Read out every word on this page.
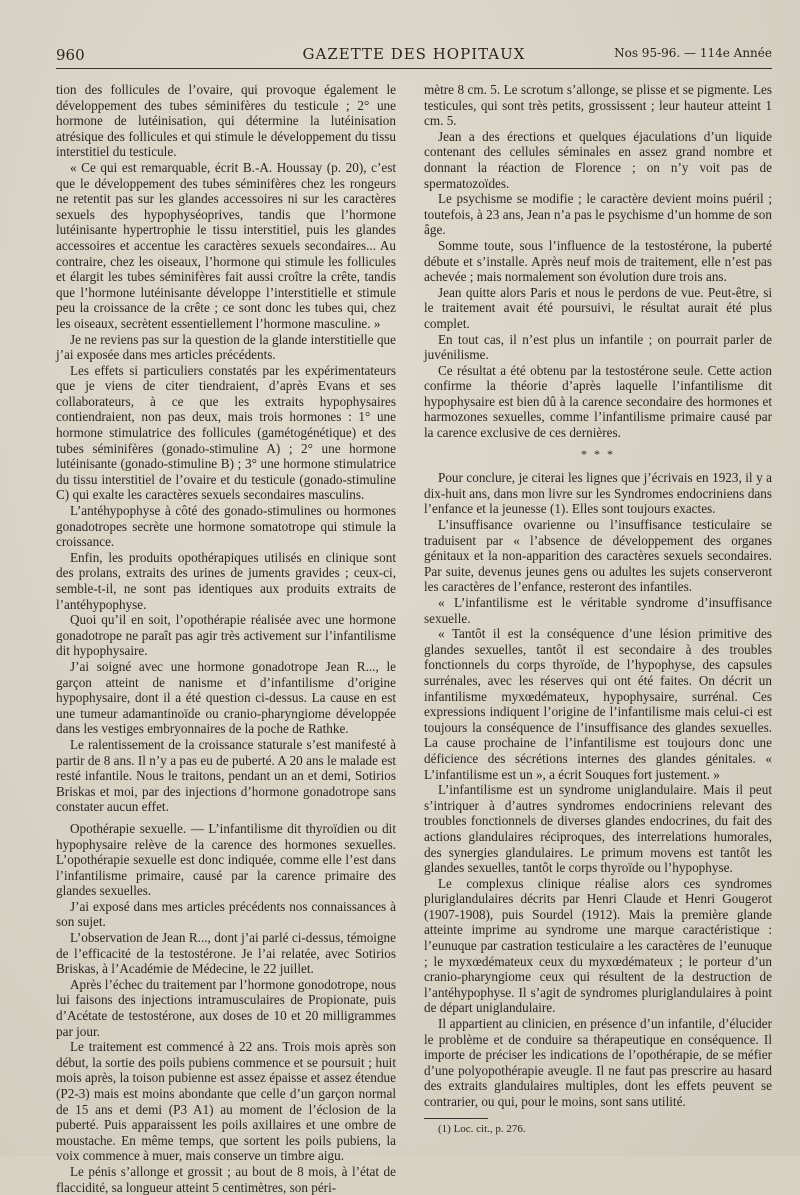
960	GAZETTE DES HOPITAUX	Nos 95-96. — 114e Année

tion des follicules de l’ovaire, qui provoque également le développement des tubes séminifères du testicule ; 2° une hormone de lutéinisation, qui détermine la lutéinisation atrésique des follicules et qui stimule le développement du tissu interstitiel du testicule.

« Ce qui est remarquable, écrit B.-A. Houssay (p. 20), c’est que le développement des tubes séminifères chez les rongeurs ne retentit pas sur les glandes accessoires ni sur les caractères sexuels des hypophyséoprives, tandis que l’hormone lutéinisante hypertrophie le tissu interstitiel, puis les glandes accessoires et accentue les caractères sexuels secondaires... Au contraire, chez les oiseaux, l’hormone qui stimule les follicules et élargit les tubes séminifères fait aussi croître la crête, tandis que l’hormone lutéinisante développe l’interstitielle et stimule peu la croissance de la crête ; ce sont donc les tubes qui, chez les oiseaux, secrètent essentiellement l’hormone masculine. »

Je ne reviens pas sur la question de la glande interstitielle que j’ai exposée dans mes articles précédents.

Les effets si particuliers constatés par les expérimentateurs que je viens de citer tiendraient, d’après Evans et ses collaborateurs, à ce que les extraits hypophysaires contiendraient, non pas deux, mais trois hormones : 1° une hormone stimulatrice des follicules (gamétogénétique) et des tubes séminifères (gonado-stimuline A) ; 2° une hormone lutéinisante (gonado-stimuline B) ; 3° une hormone stimulatrice du tissu interstitiel de l’ovaire et du testicule (gonado-stimuline C) qui exalte les caractères sexuels secondaires masculins.

L’antéhypophyse à côté des gonado-stimulines ou hormones gonadotropes secrète une hormone somatotrope qui stimule la croissance.

Enfin, les produits opothérapiques utilisés en clinique sont des prolans, extraits des urines de juments gravides ; ceux-ci, semble-t-il, ne sont pas identiques aux produits extraits de l’antéhypophyse.

Quoi qu’il en soit, l’opothérapie réalisée avec une hormone gonadotrope ne paraît pas agir très activement sur l’infantilisme dit hypophysaire.

J’ai soigné avec une hormone gonadotrope Jean R..., le garçon atteint de nanisme et d’infantilisme d’origine hypophysaire, dont il a été question ci-dessus. La cause en est une tumeur adamantinoïde ou cranio-pharyngiome développée dans les vestiges embryonnaires de la poche de Rathke.

Le ralentissement de la croissance staturale s’est manifesté à partir de 8 ans. Il n’y a pas eu de puberté. A 20 ans le malade est resté infantile. Nous le traitons, pendant un an et demi, Sotirios Briskas et moi, par des injections d’hormone gonadotrope sans constater aucun effet.

Opothérapie sexuelle. — L’infantilisme dit thyroïdien ou dit hypophysaire relève de la carence des hormones sexuelles. L’opothérapie sexuelle est donc indiquée, comme elle l’est dans l’infantilisme primaire, causé par la carence primaire des glandes sexuelles.

J’ai exposé dans mes articles précédents nos connaissances à son sujet.

L’observation de Jean R..., dont j’ai parlé ci-dessus, témoigne de l’efficacité de la testostérone. Je l’ai relatée, avec Sotirios Briskas, à l’Académie de Médecine, le 22 juillet.

Après l’échec du traitement par l’hormone gonodotrope, nous lui faisons des injections intramusculaires de Propionate, puis d’Acétate de testostérone, aux doses de 10 et 20 milligrammes par jour.

Le traitement est commencé à 22 ans. Trois mois après son début, la sortie des poils pubiens commence et se poursuit ; huit mois après, la toison pubienne est assez épaisse et assez étendue (P2-3) mais est moins abondante que celle d’un garçon normal de 15 ans et demi (P3 A1) au moment de l’éclosion de la puberté. Puis apparaissent les poils axillaires et une ombre de moustache. En même temps, que sortent les poils pubiens, la voix commence à muer, mais conserve un timbre aigu.

Le pénis s’allonge et grossit ; au bout de 8 mois, à l’état de flaccidité, sa longueur atteint 5 centimètres, son péri-

mètre 8 cm. 5. Le scrotum s’allonge, se plisse et se pigmente. Les testicules, qui sont très petits, grossissent ; leur hauteur atteint 1 cm. 5.

Jean a des érections et quelques éjaculations d’un liquide contenant des cellules séminales en assez grand nombre et donnant la réaction de Florence ; on n’y voit pas de spermatozoïdes.

Le psychisme se modifie ; le caractère devient moins puéril ; toutefois, à 23 ans, Jean n’a pas le psychisme d’un homme de son âge.

Somme toute, sous l’influence de la testostérone, la puberté débute et s’installe. Après neuf mois de traitement, elle n’est pas achevée ; mais normalement son évolution dure trois ans.

Jean quitte alors Paris et nous le perdons de vue. Peut-être, si le traitement avait été poursuivi, le résultat aurait été plus complet.

En tout cas, il n’est plus un infantile ; on pourrait parler de juvénilisme.

Ce résultat a été obtenu par la testostérone seule. Cette action confirme la théorie d’après laquelle l’infantilisme dit hypophysaire est bien dû à la carence secondaire des hormones et harmozones sexuelles, comme l’infantilisme primaire causé par la carence exclusive de ces dernières.

* * *

Pour conclure, je citerai les lignes que j’écrivais en 1923, il y a dix-huit ans, dans mon livre sur les Syndromes endocriniens dans l’enfance et la jeunesse (1). Elles sont toujours exactes.

L’insuffisance ovarienne ou l’insuffisance testiculaire se traduisent par « l’absence de développement des organes génitaux et la non-apparition des caractères sexuels secondaires. Par suite, devenus jeunes gens ou adultes les sujets conserveront les caractères de l’enfance, resteront des infantiles.

« L’infantilisme est le véritable syndrome d’insuffisance sexuelle.

« Tantôt il est la conséquence d’une lésion primitive des glandes sexuelles, tantôt il est secondaire à des troubles fonctionnels du corps thyroïde, de l’hypophyse, des capsules surrénales, avec les réserves qui ont été faites. On décrit un infantilisme myxœdémateux, hypophysaire, surrénal. Ces expressions indiquent l’origine de l’infantilisme mais celui-ci est toujours la conséquence de l’insuffisance des glandes sexuelles. La cause prochaine de l’infantilisme est toujours donc une déficience des sécrétions internes des glandes génitales. « L’infantilisme est un », a écrit Souques fort justement. »

L’infantilisme est un syndrome uniglandulaire. Mais il peut s’intriquer à d’autres syndromes endocriniens relevant des troubles fonctionnels de diverses glandes endocrines, du fait des actions glandulaires réciproques, des interrelations humorales, des synergies glandulaires. Le primum movens est tantôt les glandes sexuelles, tantôt le corps thyroïde ou l’hypophyse.

Le complexus clinique réalise alors ces syndromes pluriglandulaires décrits par Henri Claude et Henri Gougerot (1907-1908), puis Sourdel (1912). Mais la première glande atteinte imprime au syndrome une marque caractéristique : l’eunuque par castration testiculaire a les caractères de l’eunuque ; le myxœdémateux ceux du myxœdémateux ; le porteur d’un cranio-pharyngiome ceux qui résultent de la destruction de l’antéhypophyse. Il s’agit de syndromes pluriglandulaires à point de départ uniglandulaire.

Il appartient au clinicien, en présence d’un infantile, d’élucider le problème et de conduire sa thérapeutique en conséquence. Il importe de préciser les indications de l’opothérapie, de se méfier d’une polyopothérapie aveugle. Il ne faut pas prescrire au hasard des extraits glandulaires multiples, dont les effets peuvent se contrarier, ou qui, pour le moins, sont sans utilité.

(1) Loc. cit., p. 276.
